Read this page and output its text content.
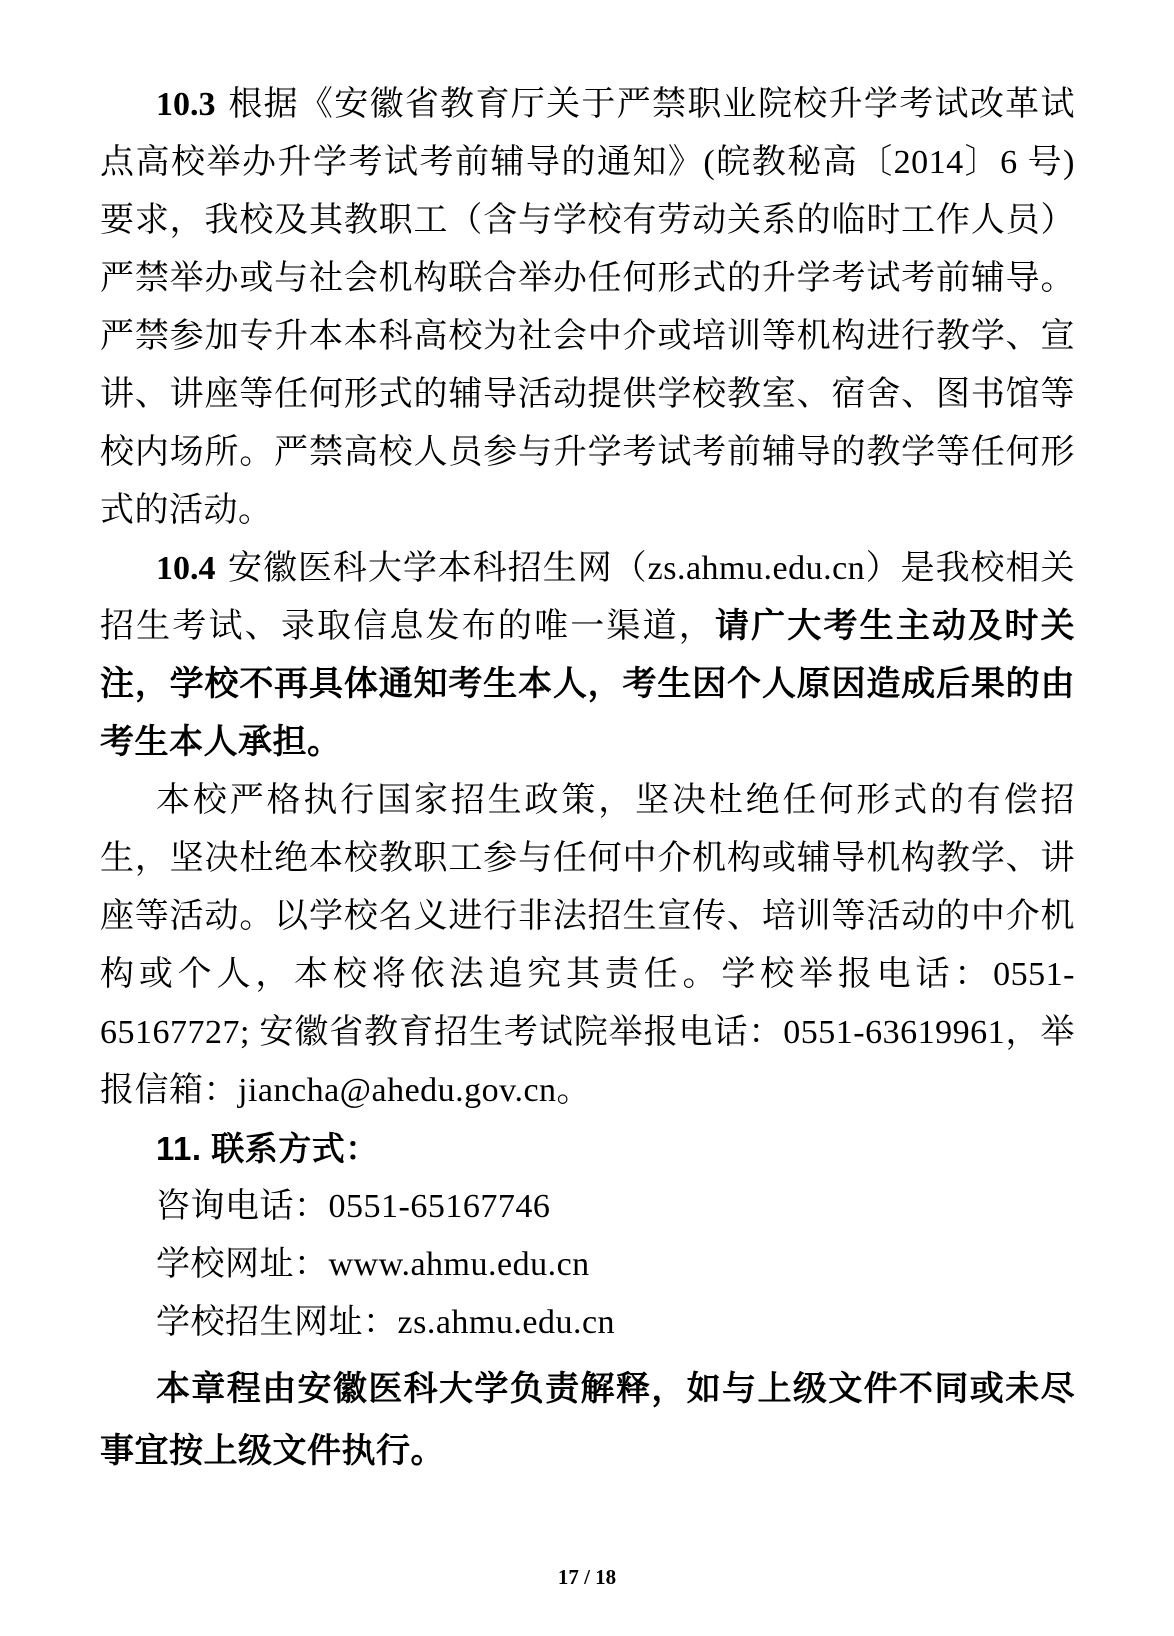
10.3 根据《安徽省教育厅关于严禁职业院校升学考试改革试点高校举办升学考试考前辅导的通知》(皖教秘高〔2014〕6 号)要求，我校及其教职工（含与学校有劳动关系的临时工作人员）严禁举办或与社会机构联合举办任何形式的升学考试考前辅导。严禁参加专升本本科高校为社会中介或培训等机构进行教学、宣讲、讲座等任何形式的辅导活动提供学校教室、宿舍、图书馆等校内场所。严禁高校人员参与升学考试考前辅导的教学等任何形式的活动。

10.4 安徽医科大学本科招生网（zs.ahmu.edu.cn）是我校相关招生考试、录取信息发布的唯一渠道，请广大考生主动及时关注，学校不再具体通知考生本人，考生因个人原因造成后果的由考生本人承担。

本校严格执行国家招生政策，坚决杜绝任何形式的有偿招生，坚决杜绝本校教职工参与任何中介机构或辅导机构教学、讲座等活动。以学校名义进行非法招生宣传、培训等活动的中介机构或个人，本校将依法追究其责任。学校举报电话：0551-65167727; 安徽省教育招生考试院举报电话：0551-63619961，举报信箱：jiancha@ahedu.gov.cn。

11. 联系方式：

咨询电话：0551-65167746

学校网址：www.ahmu.edu.cn

学校招生网址：zs.ahmu.edu.cn

本章程由安徽医科大学负责解释，如与上级文件不同或未尽事宜按上级文件执行。

17 / 18
